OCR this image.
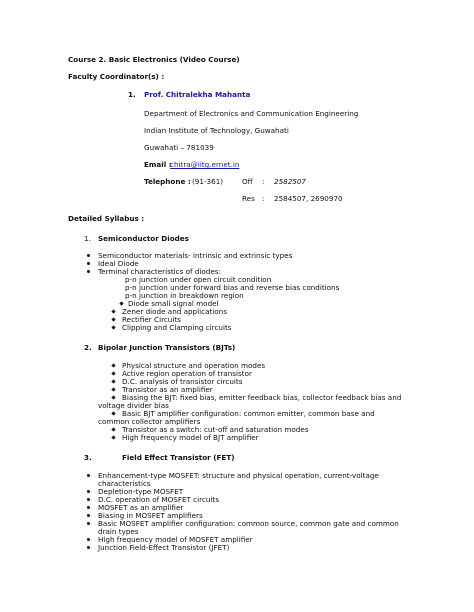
Course 2. Basic Electronics (Video Course)
Faculty Coordinator(s) :
1. Prof. Chitralekha Mahanta
Department of Electronics and Communication Engineering
Indian Institute of Technology, Guwahati
Guwahati – 781039
Email :
chitra@iitg.ernet.in
Telephone : (91-361)	Off : 2582507
Res : 2584507, 2690970
Detailed Syllabus :
1. Semiconductor Diodes
Semiconductor materials- intrinsic and extrinsic types
Ideal Diode
Terminal characteristics of diodes:
p-n junction under open circuit condition
p-n junction under forward bias and reverse bias conditions
p-n junction in breakdown region
Diode small signal model
Zener diode and applications
Rectifier Circuits
Clipping and Clamping circuits
2. Bipolar Junction Transistors (BJTs)
Physical structure and operation modes
Active region operation of transistor
D.C. analysis of transistor circuits
Transistor as an amplifier
Biasing the BJT: fixed bias, emitter feedback bias, collector feedback bias and
voltage divider bias
Basic BJT amplifier configuration: common emitter, common base and
common collector amplifiers
Transistor as a switch: cut-off and saturation modes
High frequency model of BJT amplifier
3.	Field Effect Transistor (FET)
Enhancement-type MOSFET: structure and physical operation, current-voltage
characteristics
Depletion-type MOSFET
D.C. operation of MOSFET circuits
MOSFET as an amplifier
Biasing in MOSFET amplifiers
Basic MOSFET amplifier configuration: common source, common gate and common
drain types
High frequency model of MOSFET amplifier
Junction Field-Effect Transistor (JFET)
